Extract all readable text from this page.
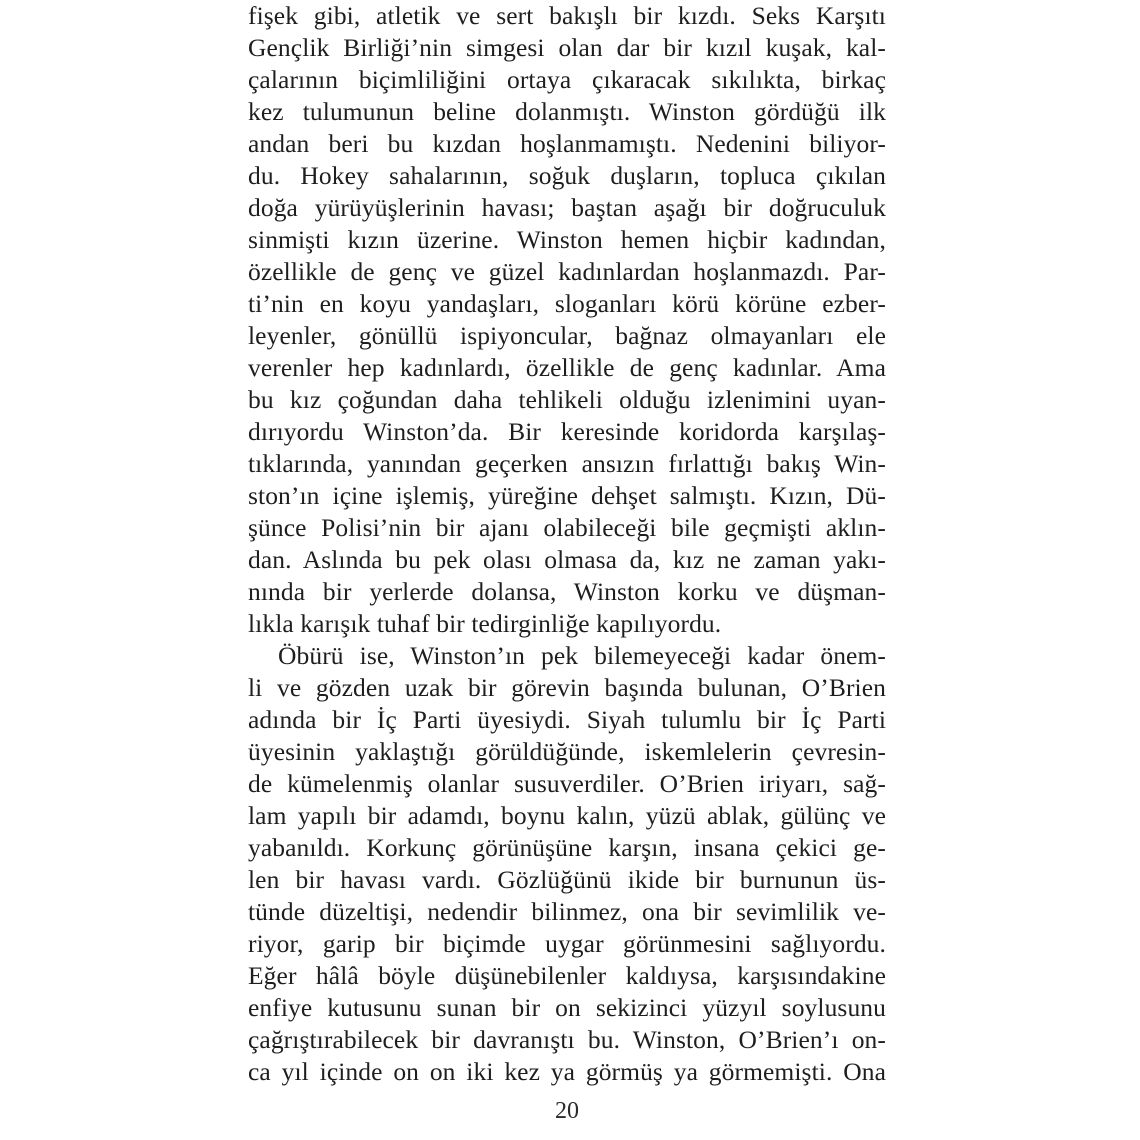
fişek gibi, atletik ve sert bakışlı bir kızdı. Seks Karşıtı
Gençlik Birliği’nin simgesi olan dar bir kızıl kuşak, kal-
çalarının biçimliliğini ortaya çıkaracak sıkılıkta, birkaç
kez tulumunun beline dolanmıştı. Winston gördüğü ilk
andan beri bu kızdan hoşlanmamıştı. Nedenini biliyor-
du. Hokey sahalarının, soğuk duşların, topluca çıkılan
doğa yürüyüşlerinin havası; baştan aşağı bir doğruculuk
sinmişti kızın üzerine. Winston hemen hiçbir kadından,
özellikle de genç ve güzel kadınlardan hoşlanmazdı. Par-
ti’nin en koyu yandaşları, sloganları körü körüne ezber-
leyenler, gönüllü ispiyoncular, bağnaz olmayanları ele
verenler hep kadınlardı, özellikle de genç kadınlar. Ama
bu kız çoğundan daha tehlikeli olduğu izlenimini uyan-
dırıyordu Winston’da. Bir keresinde koridorda karşılaş-
tıklarında, yanından geçerken ansızın fırlattığı bakış Win-
ston’ın içine işlemiş, yüreğine dehşet salmıştı. Kızın, Dü-
şünce Polisi’nin bir ajanı olabileceği bile geçmişti aklın-
dan. Aslında bu pek olası olmasa da, kız ne zaman yakı-
nında bir yerlerde dolansa, Winston korku ve düşman-
lıkla karışık tuhaf bir tedirginliğe kapılıyordu.
Öbürü ise, Winston’ın pek bilemeyeceği kadar önem-
li ve gözden uzak bir görevin başında bulunan, O’Brien
adında bir İç Parti üyesiydi. Siyah tulumlu bir İç Parti
üyesinin yaklaştığı görüldüğünde, iskemlelerin çevresin-
de kümelenmiş olanlar susuverdiler. O’Brien iriyarı, sağ-
lam yapılı bir adamdı, boynu kalın, yüzü ablak, gülünç ve
yabanıldı. Korkunç görünüşüne karşın, insana çekici ge-
len bir havası vardı. Gözlüğünü ikide bir burnunun üs-
tünde düzeltişi, nedendir bilinmez, ona bir sevimlilik ve-
riyor, garip bir biçimde uygar görünmesini sağlıyordu.
Eğer hâlâ böyle düşünebilenler kaldıysa, karşısındakine
enfiye kutusunu sunan bir on sekizinci yüzyıl soylusunu
çağrıştırabilecek bir davranıştı bu. Winston, O’Brien’ı on-
ca yıl içinde on on iki kez ya görmüş ya görmemişti. Ona
20
